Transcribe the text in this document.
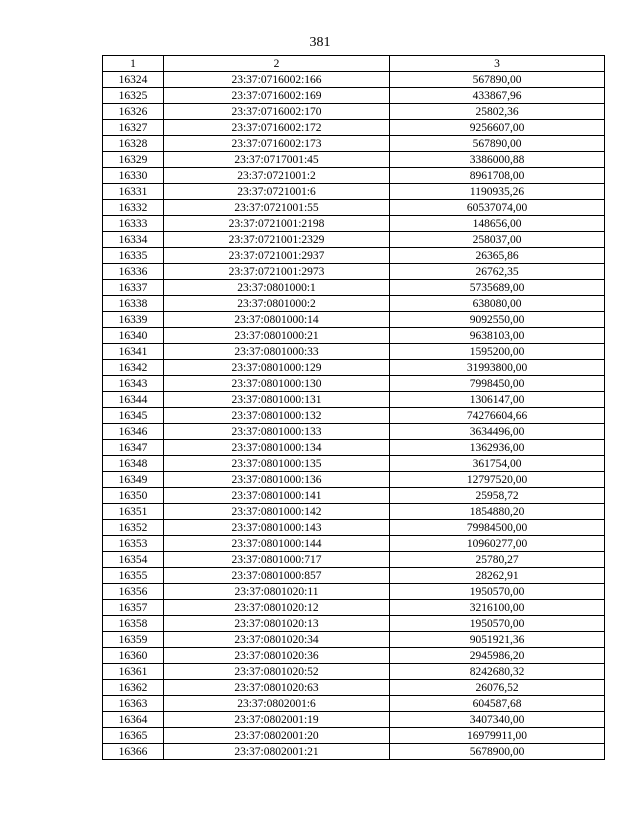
381
1	2	3
16324	23:37:0716002:166	567890,00
16325	23:37:0716002:169	433867,96
16326	23:37:0716002:170	25802,36
16327	23:37:0716002:172	9256607,00
16328	23:37:0716002:173	567890,00
16329	23:37:0717001:45	3386000,88
16330	23:37:0721001:2	8961708,00
16331	23:37:0721001:6	1190935,26
16332	23:37:0721001:55	60537074,00
16333	23:37:0721001:2198	148656,00
16334	23:37:0721001:2329	258037,00
16335	23:37:0721001:2937	26365,86
16336	23:37:0721001:2973	26762,35
16337	23:37:0801000:1	5735689,00
16338	23:37:0801000:2	638080,00
16339	23:37:0801000:14	9092550,00
16340	23:37:0801000:21	9638103,00
16341	23:37:0801000:33	1595200,00
16342	23:37:0801000:129	31993800,00
16343	23:37:0801000:130	7998450,00
16344	23:37:0801000:131	1306147,00
16345	23:37:0801000:132	74276604,66
16346	23:37:0801000:133	3634496,00
16347	23:37:0801000:134	1362936,00
16348	23:37:0801000:135	361754,00
16349	23:37:0801000:136	12797520,00
16350	23:37:0801000:141	25958,72
16351	23:37:0801000:142	1854880,20
16352	23:37:0801000:143	79984500,00
16353	23:37:0801000:144	10960277,00
16354	23:37:0801000:717	25780,27
16355	23:37:0801000:857	28262,91
16356	23:37:0801020:11	1950570,00
16357	23:37:0801020:12	3216100,00
16358	23:37:0801020:13	1950570,00
16359	23:37:0801020:34	9051921,36
16360	23:37:0801020:36	2945986,20
16361	23:37:0801020:52	8242680,32
16362	23:37:0801020:63	26076,52
16363	23:37:0802001:6	604587,68
16364	23:37:0802001:19	3407340,00
16365	23:37:0802001:20	16979911,00
16366	23:37:0802001:21	5678900,00
